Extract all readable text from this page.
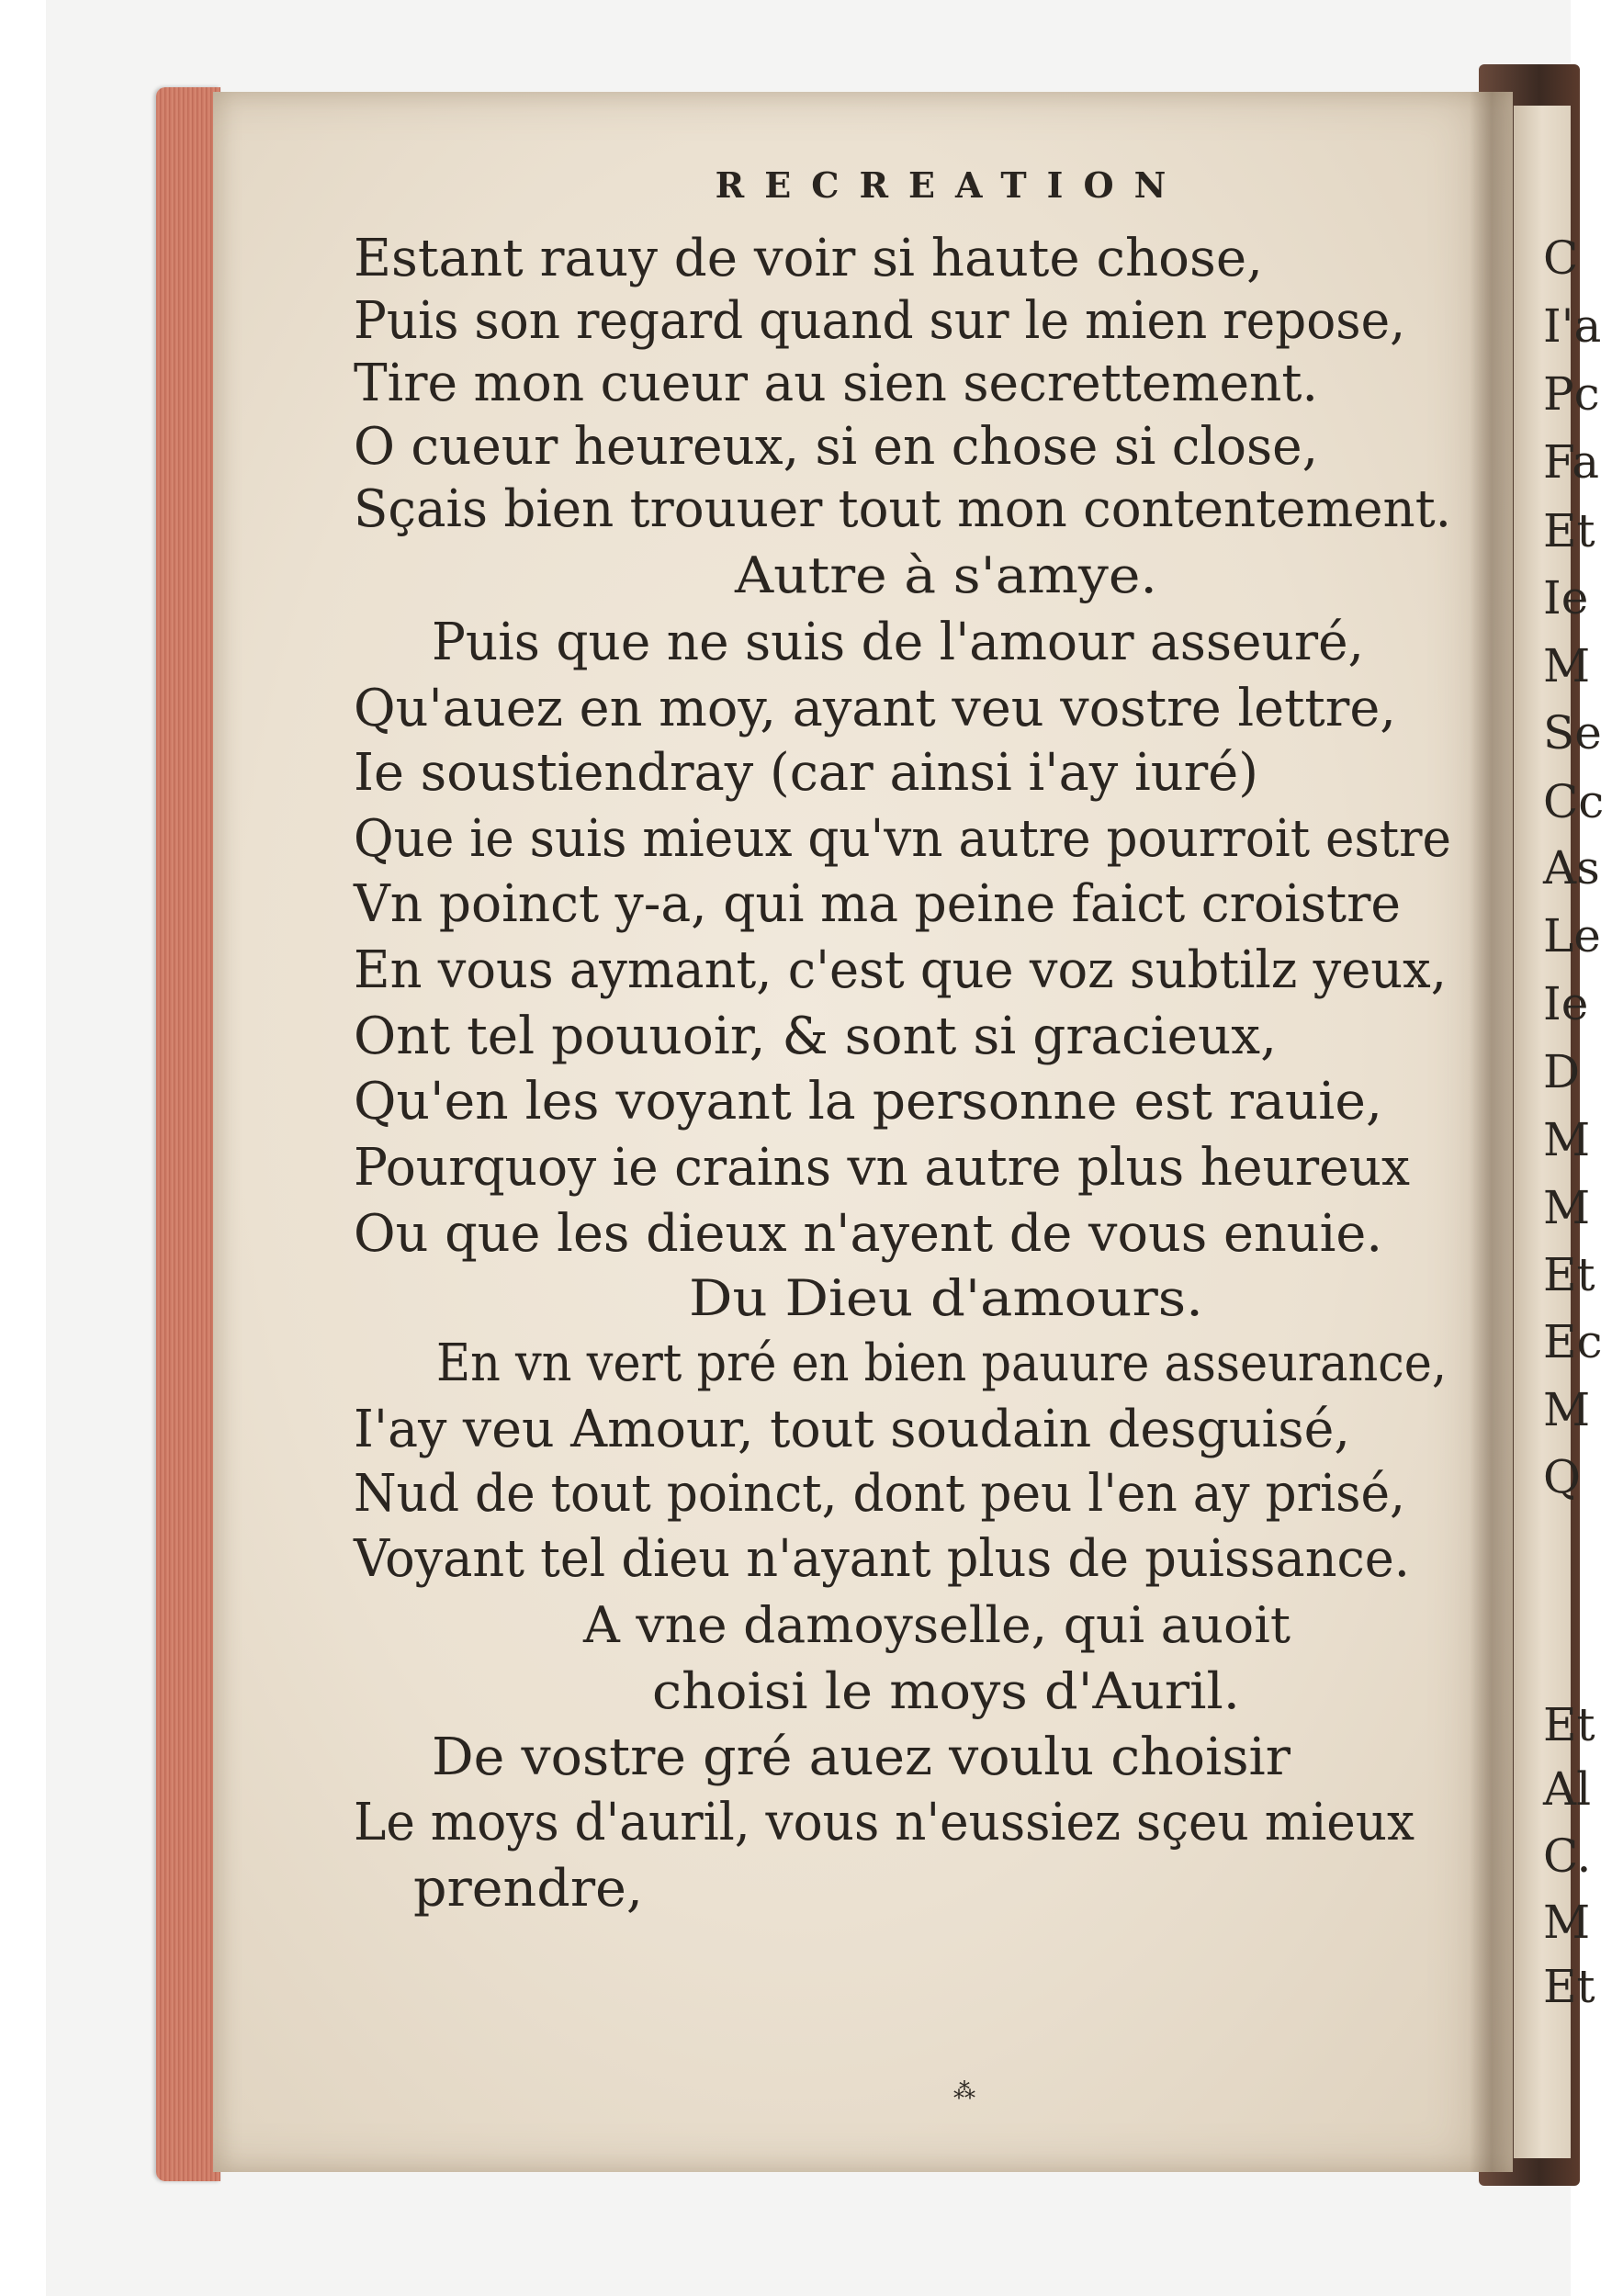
RECREATION
Estant rauy de voir si haute chose,
Puis son regard quand sur le mien repose,
Tire mon cueur au sien secrettement.
O cueur heureux, si en chose si close,
Sçais bien trouuer tout mon contentement.
Autre à s'amye.
Puis que ne suis de l'amour asseuré,
Qu'auez en moy, ayant veu vostre lettre,
Ie soustiendray (car ainsi i'ay iuré)
Que ie suis mieux qu'vn autre pourroit estre
Vn poinct y-a, qui ma peine faict croistre
En vous aymant, c'est que voz subtilz yeux,
Ont tel pouuoir, & sont si gracieux,
Qu'en les voyant la personne est rauie,
Pourquoy ie crains vn autre plus heureux
Ou que les dieux n'ayent de vous enuie.
Du Dieu d'amours.
En vn vert pré en bien pauure asseurance,
I'ay veu Amour, tout soudain desguisé,
Nud de tout poinct, dont peu l'en ay prisé,
Voyant tel dieu n'ayant plus de puissance.
A vne damoyselle, qui auoit
choisi le moys d'Auril.
De vostre gré auez voulu choisir
Le moys d'auril, vous n'eussiez sçeu mieux
prendre,
C
I'a
Pc
Fa
Et
Ie
M
Se
Cc
As
Le
Ie
D
M
M
Et
Ec
M
Q
Et
Al
C.
M
Et
⁂
